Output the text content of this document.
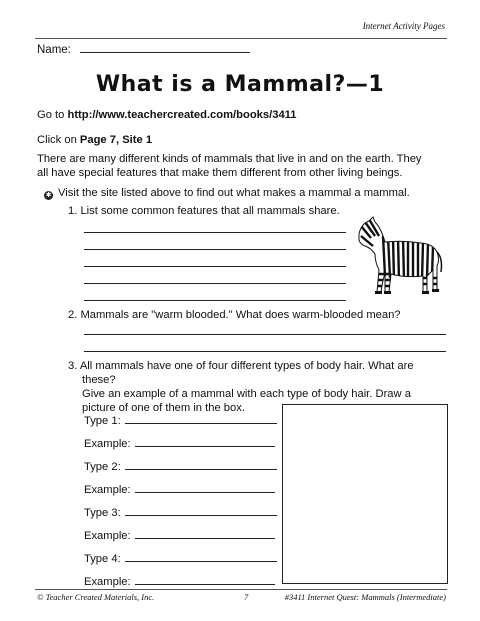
Internet Activity Pages
Name:
What is a Mammal?—1
Go to http://www.teachercreated.com/books/3411
Click on Page 7, Site 1
There are many different kinds of mammals that live in and on the earth. They
all have special features that make them different from other living beings.
✱ Visit the site listed above to find out what makes a mammal a mammal.
1. List some common features that all mammals share.
2. Mammals are "warm blooded." What does warm-blooded mean?
3. All mammals have one of four different types of body hair. What are
these?
Give an example of a mammal with each type of body hair. Draw a
picture of one of them in the box.
Type 1:
Example:
Type 2:
Example:
Type 3:
Example:
Type 4:
Example:
© Teacher Created Materials, Inc.	7	#3411 Internet Quest: Mammals (Intermediate)
